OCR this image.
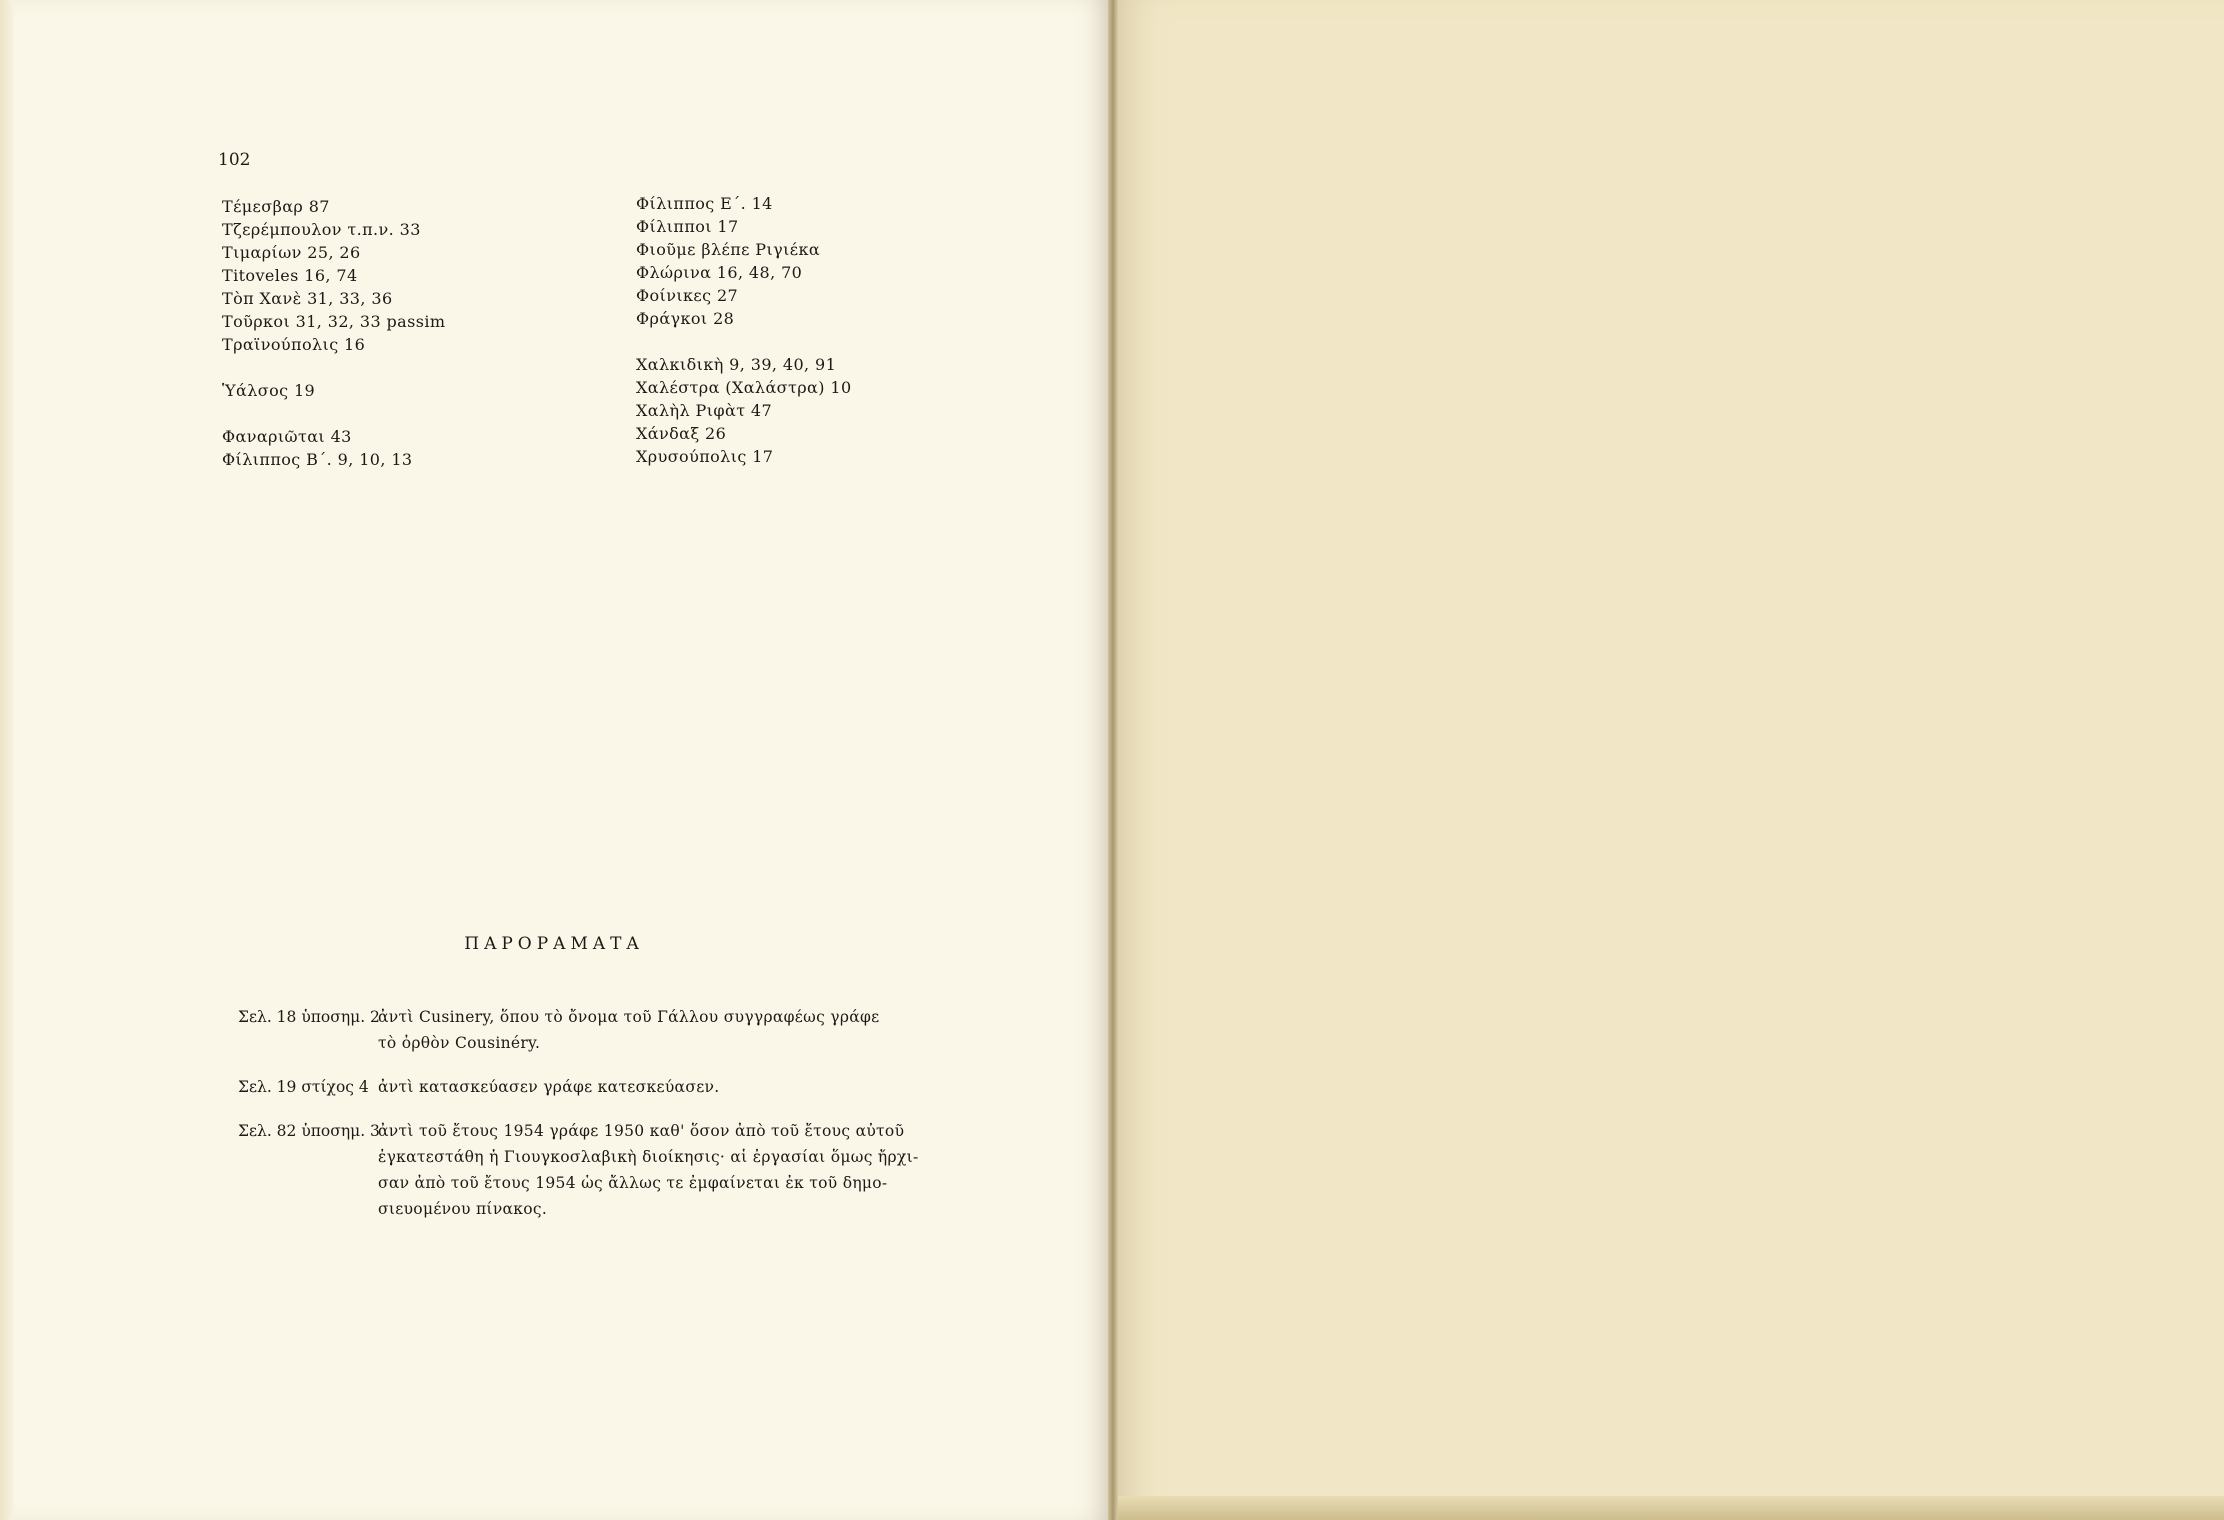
102
Τέμεσβαρ 87
Τζερέμπουλον τ.π.ν. 33
Τιμαρίων 25, 26
Titoveles 16, 74
Τὸπ Χανὲ 31, 33, 36
Τοῦρκοι 31, 32, 33 passim
Τραϊνούπολις 16
Ὑάλσος 19
Φαναριῶται 43
Φίλιππος Β΄. 9, 10, 13
Φίλιππος Ε΄. 14
Φίλιπποι 17
Φιοῦμε βλέπε Ριγιέκα
Φλώρινα 16, 48, 70
Φοίνικες 27
Φράγκοι 28
Χαλκιδικὴ 9, 39, 40, 91
Χαλέστρα (Χαλάστρα) 10
Χαλὴλ Ριφὰτ 47
Χάνδαξ 26
Χρυσούπολις 17
ΠΑΡΟΡΑΜΑΤΑ
Σελ. 18 ὑποσημ. 2
ἀντὶ Cusinery, ὅπου τὸ ὄνομα τοῦ Γάλλου συγγραφέως γράφε
τὸ ὀρθὸν Cousinéry.
Σελ. 19 στίχος 4 ἀντὶ κατασκεύασεν γράφε κατεσκεύασεν.
Σελ. 82 ὑποσημ. 3
ἀντὶ τοῦ ἔτους 1954 γράφε 1950 καθ' ὅσον ἀπὸ τοῦ ἔτους αὐτοῦ
ἐγκατεστάθη ἡ Γιουγκοσλαβικὴ διοίκησις· αἱ ἐργασίαι ὅμως ἤρχι-
σαν ἀπὸ τοῦ ἔτους 1954 ὡς ἄλλως τε ἐμφαίνεται ἐκ τοῦ δημο-
σιευομένου πίνακος.
